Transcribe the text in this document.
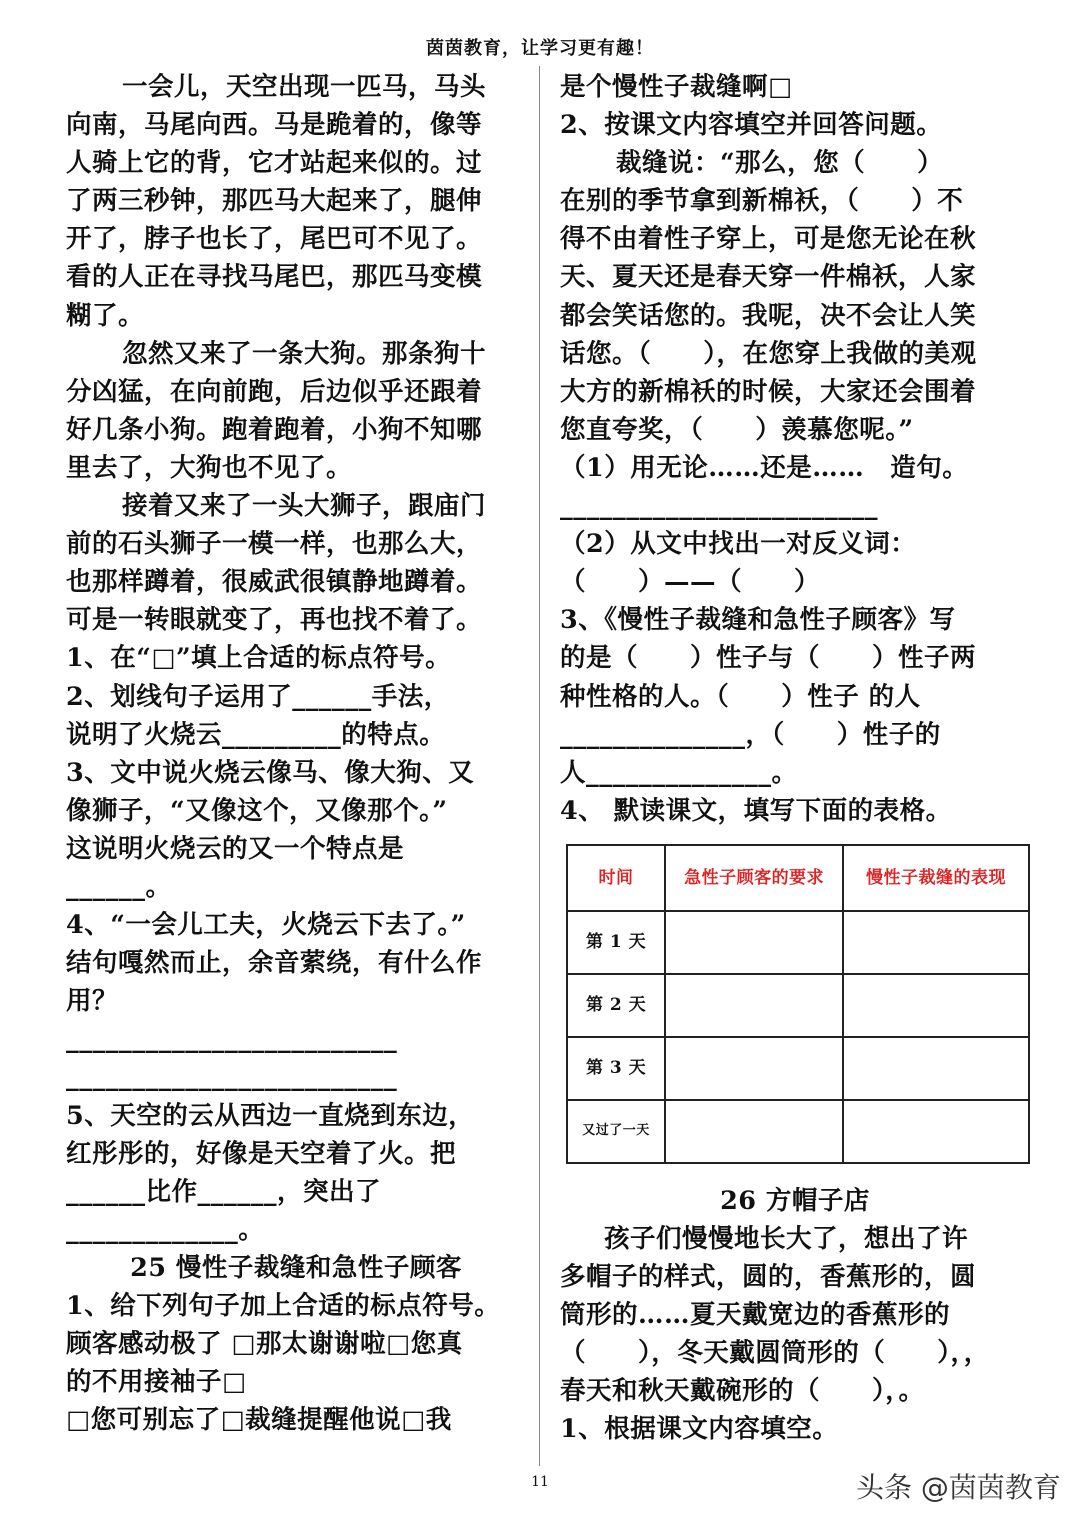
茵茵教育，让学习更有趣！

一会儿，天空出现一匹马，马头

向南，马尾向西。马是跪着的，像等

人骑上它的背，它才站起来似的。过

了两三秒钟，那匹马大起来了，腿伸

开了，脖子也长了，尾巴可不见了。

看的人正在寻找马尾巴，那匹马变模

糊了。

忽然又来了一条大狗。那条狗十

分凶猛，在向前跑，后边似乎还跟着

好几条小狗。跑着跑着，小狗不知哪

里去了，大狗也不见了。

接着又来了一头大狮子，跟庙门

前的石头狮子一模一样，也那么大，

也那样蹲着，很威武很镇静地蹲着。

可是一转眼就变了，再也找不着了。

1、在“□”填上合适的标点符号。

2、划线句子运用了______手法，

说明了火烧云_________的特点。

3、文中说火烧云像马、像大狗、又

像狮子，“又像这个，又像那个。”

这说明火烧云的又一个特点是

______。

4、“一会儿工夫，火烧云下去了。”

结句嘎然而止，余音萦绕，有什么作

用？

_________________________

_________________________

5、天空的云从西边一直烧到东边，

红彤彤的，好像是天空着了火。把

______比作______，突出了

_____________。

25 慢性子裁缝和急性子顾客

1、给下列句子加上合适的标点符号。

顾客感动极了 □那太谢谢啦□您真

的不用接袖子□

□您可别忘了□裁缝提醒他说□我

是个慢性子裁缝啊□

2、按课文内容填空并回答问题。

裁缝说：“那么，您（　　）

在别的季节拿到新棉袄，（　　）不

得不由着性子穿上，可是您无论在秋

天、夏天还是春天穿一件棉袄，人家

都会笑话您的。我呢，决不会让人笑

话您。（　　），在您穿上我做的美观

大方的新棉袄的时候，大家还会围着

您直夸奖，（　　）羡慕您呢。”

（1）用无论……还是……　造句。

________________________

（2）从文中找出一对反义词：

（　　）——（　　）

3、《慢性子裁缝和急性子顾客》写

的是（　　）性子与（　　）性子两

种性格的人。（　　）性子 的人

______________，（　　）性子的

人______________。

4、 默读课文，填写下面的表格。

时间	急性子顾客的要求	慢性子裁缝的表现
第 1 天		
第 2 天		
第 3 天		
又过了一天		

26 方帽子店

孩子们慢慢地长大了，想出了许

多帽子的样式，圆的，香蕉形的，圆

筒形的……夏天戴宽边的香蕉形的

（　　），冬天戴圆筒形的（　　），，

春天和秋天戴碗形的（　　），。

1、根据课文内容填空。

11	头条 @茵茵教育
